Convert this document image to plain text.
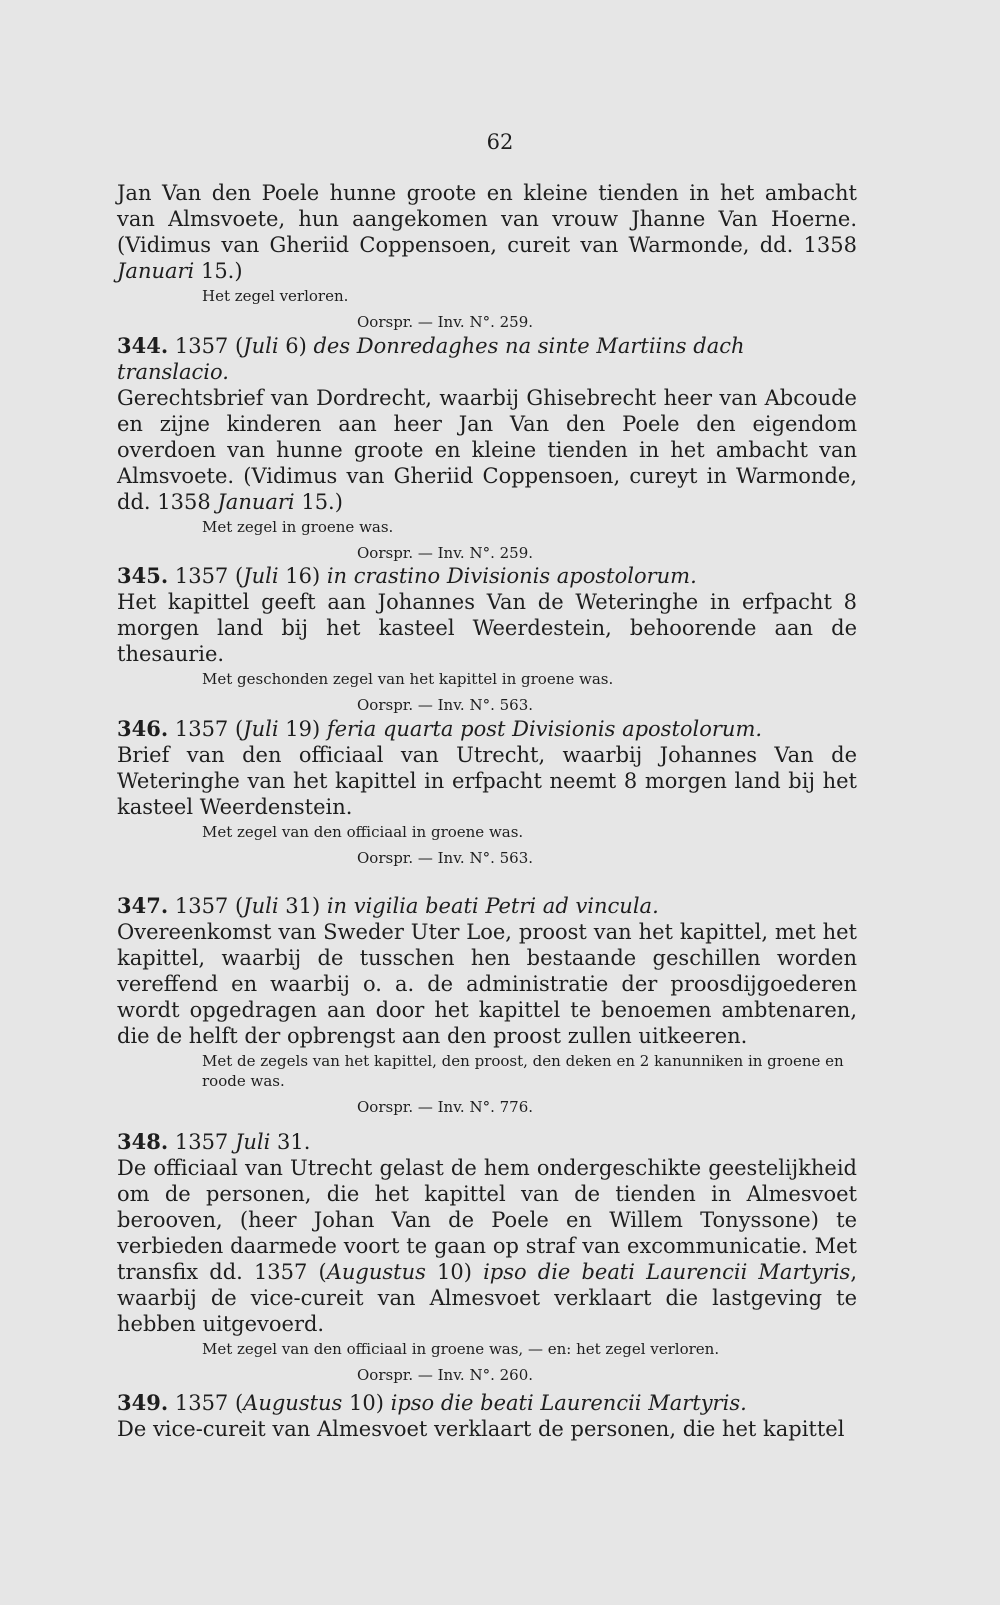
62
Jan Van den Poele hunne groote en kleine tienden in het ambacht van Almsvoete, hun aangekomen van vrouw Jhanne Van Hoerne. (Vidimus van Gheriid Coppensoen, cureit van Warmonde, dd. 1358 Januari 15.)
Het zegel verloren.
Oorspr. — Inv. N°. 259.
344. 1357 (Juli 6) des Donredaghes na sinte Martiins dach translacio.
Gerechtsbrief van Dordrecht, waarbij Ghisebrecht heer van Abcoude en zijne kinderen aan heer Jan Van den Poele den eigendom overdoen van hunne groote en kleine tienden in het ambacht van Almsvoete. (Vidimus van Gheriid Coppensoen, cureyt in Warmonde, dd. 1358 Januari 15.)
Met zegel in groene was.
Oorspr. — Inv. N°. 259.
345. 1357 (Juli 16) in crastino Divisionis apostolorum.
Het kapittel geeft aan Johannes Van de Weteringhe in erfpacht 8 morgen land bij het kasteel Weerdestein, behoorende aan de thesaurie.
Met geschonden zegel van het kapittel in groene was.
Oorspr. — Inv. N°. 563.
346. 1357 (Juli 19) feria quarta post Divisionis apostolorum.
Brief van den officiaal van Utrecht, waarbij Johannes Van de Weteringhe van het kapittel in erfpacht neemt 8 morgen land bij het kasteel Weerdenstein.
Met zegel van den officiaal in groene was.
Oorspr. — Inv. N°. 563.
347. 1357 (Juli 31) in vigilia beati Petri ad vincula.
Overeenkomst van Sweder Uter Loe, proost van het kapittel, met het kapittel, waarbij de tusschen hen bestaande geschillen worden vereffend en waarbij o. a. de administratie der proosdijgoederen wordt opgedragen aan door het kapittel te benoemen ambtenaren, die de helft der opbrengst aan den proost zullen uitkeeren.
Met de zegels van het kapittel, den proost, den deken en 2 kanunniken in groene en roode was.
Oorspr. — Inv. N°. 776.
348. 1357 Juli 31.
De officiaal van Utrecht gelast de hem ondergeschikte geestelijkheid om de personen, die het kapittel van de tienden in Almesvoet berooven, (heer Johan Van de Poele en Willem Tonyssone) te verbieden daarmede voort te gaan op straf van excommunicatie. Met transfix dd. 1357 (Augustus 10) ipso die beati Laurencii Martyris, waarbij de vice-cureit van Almesvoet verklaart die lastgeving te hebben uitgevoerd.
Met zegel van den officiaal in groene was, — en: het zegel verloren.
Oorspr. — Inv. N°. 260.
349. 1357 (Augustus 10) ipso die beati Laurencii Martyris.
De vice-cureit van Almesvoet verklaart de personen, die het kapittel
